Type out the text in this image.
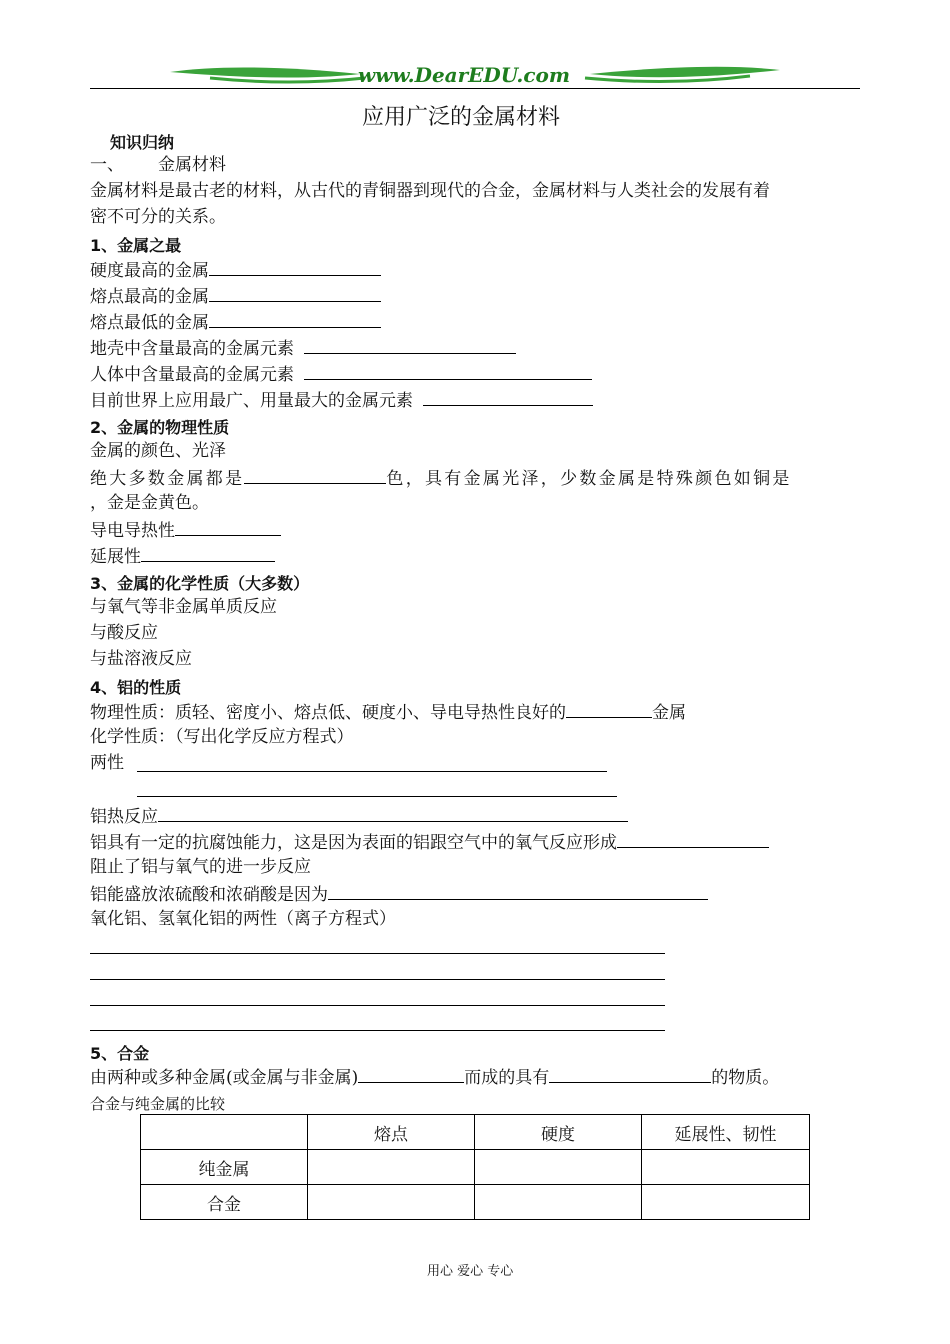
www.DearEDU.com
应用广泛的金属材料
知识归纳
一、 金属材料
金属材料是最古老的材料，从古代的青铜器到现代的合金，金属材料与人类社会的发展有着
密不可分的关系。
1、金属之最
硬度最高的金属
熔点最高的金属
熔点最低的金属
地壳中含量最高的金属元素
人体中含量最高的金属元素
目前世界上应用最广、用量最大的金属元素
2、金属的物理性质
金属的颜色、光泽
绝大多数金属都是	色，具有金属光泽，少数金属是特殊颜色如铜是
，金是金黄色。
导电导热性
延展性
3、金属的化学性质（大多数）
与氧气等非金属单质反应
与酸反应
与盐溶液反应
4、铝的性质
物理性质：质轻、密度小、熔点低、硬度小、导电导热性良好的	金属
化学性质：（写出化学反应方程式）
两性
铝热反应
铝具有一定的抗腐蚀能力，这是因为表面的铝跟空气中的氧气反应形成
阻止了铝与氧气的进一步反应
铝能盛放浓硫酸和浓硝酸是因为
氧化铝、氢氧化铝的两性（离子方程式）
5、合金
由两种或多种金属(或金属与非金属)	而成的具有	的物质。
合金与纯金属的比较
	熔点	硬度	延展性、韧性
纯金属			
合金			
用心 爱心 专心
